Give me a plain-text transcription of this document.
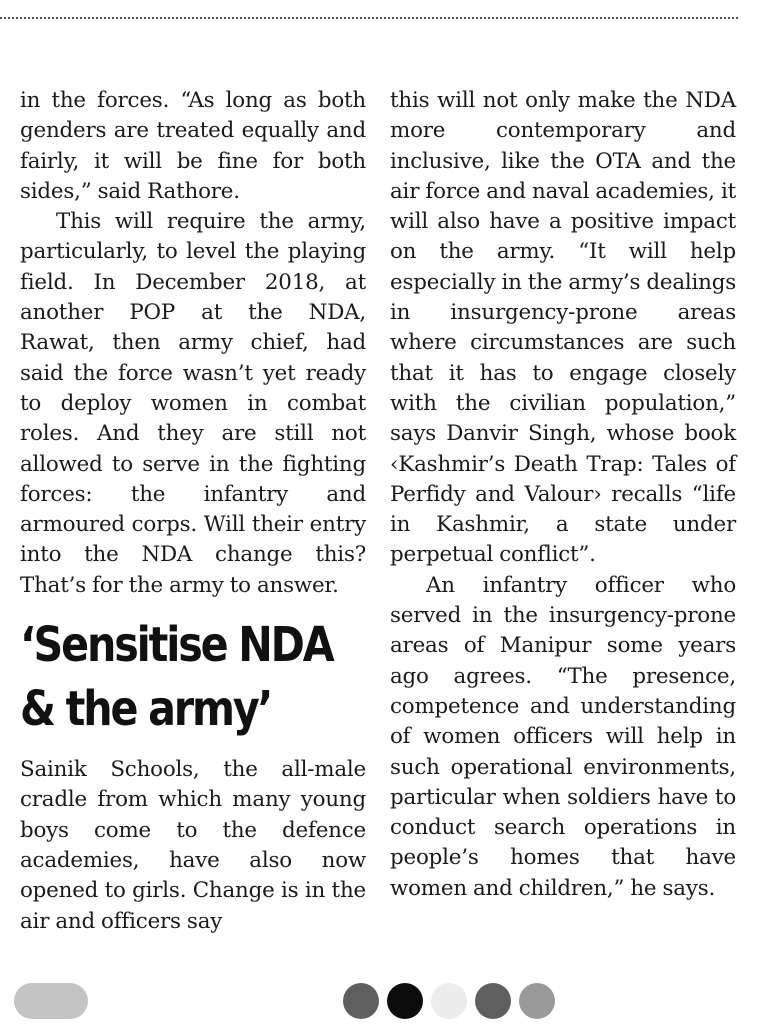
in the forces. “As long as both genders are treated equally and fairly, it will be fine for both sides,” said Rathore.

This will require the army, particularly, to level the playing field. In December 2018, at another POP at the NDA, Rawat, then army chief, had said the force wasn’t yet ready to deploy women in combat roles. And they are still not allowed to serve in the fighting forces: the infantry and armoured corps. Will their entry into the NDA change this? That’s for the army to answer.

‘Sensitise NDA
& the army’

Sainik Schools, the all-male cradle from which many young boys come to the defence academies, have also now opened to girls. Change is in the air and officers say

this will not only make the NDA more contemporary and inclusive, like the OTA and the air force and naval academies, it will also have a positive impact on the army. “It will help especially in the army’s dealings in insurgency-prone areas where circumstances are such that it has to engage closely with the civilian population,” says Danvir Singh, whose book ‹Kashmir’s Death Trap: Tales of Perfidy and Valour› recalls “life in Kashmir, a state under perpetual conflict”.

An infantry officer who served in the insurgency-prone areas of Manipur some years ago agrees. “The presence, competence and understanding of women officers will help in such operational environments, particular when soldiers have to conduct search operations in people’s homes that have women and children,” he says.
